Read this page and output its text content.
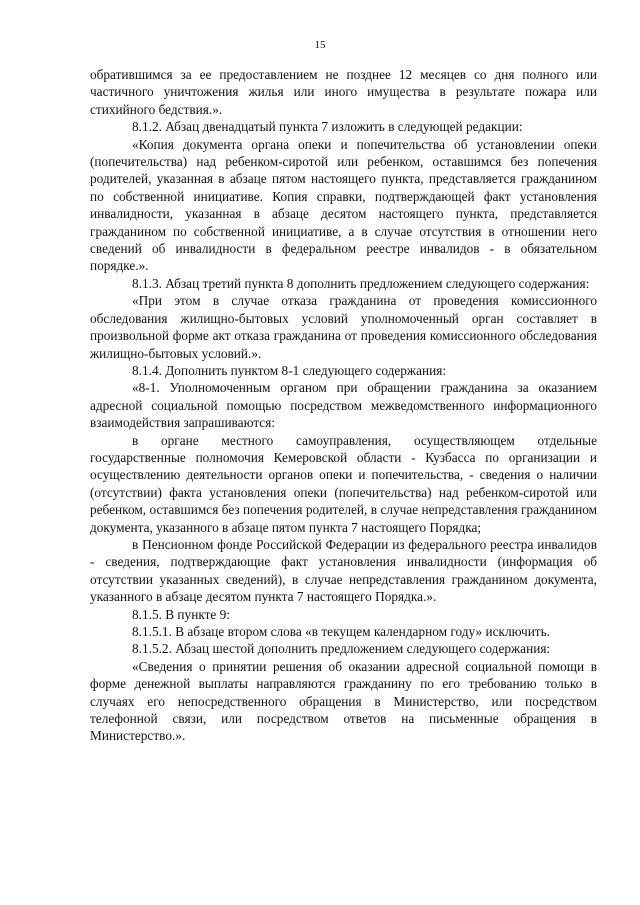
15

обратившимся за ее предоставлением не позднее 12 месяцев со дня полного или частичного уничтожения жилья или иного имущества в результате пожара или стихийного бедствия.».

8.1.2. Абзац двенадцатый пункта 7 изложить в следующей редакции:

«Копия документа органа опеки и попечительства об установлении опеки (попечительства) над ребенком-сиротой или ребенком, оставшимся без попечения родителей, указанная в абзаце пятом настоящего пункта, представляется гражданином по собственной инициативе. Копия справки, подтверждающей факт установления инвалидности, указанная в абзаце десятом настоящего пункта, представляется гражданином по собственной инициативе, а в случае отсутствия в отношении него сведений об инвалидности в федеральном реестре инвалидов - в обязательном порядке.».

8.1.3. Абзац третий пункта 8 дополнить предложением следующего содержания:

«При этом в случае отказа гражданина от проведения комиссионного обследования жилищно-бытовых условий уполномоченный орган составляет в произвольной форме акт отказа гражданина от проведения комиссионного обследования жилищно-бытовых условий.».

8.1.4. Дополнить пунктом 8-1 следующего содержания:

«8-1. Уполномоченным органом при обращении гражданина за оказанием адресной социальной помощью посредством межведомственного информационного взаимодействия запрашиваются:

в органе местного самоуправления, осуществляющем отдельные государственные полномочия Кемеровской области - Кузбасса по организации и осуществлению деятельности органов опеки и попечительства, - сведения о наличии (отсутствии) факта установления опеки (попечительства) над ребенком-сиротой или ребенком, оставшимся без попечения родителей, в случае непредставления гражданином документа, указанного в абзаце пятом пункта 7 настоящего Порядка;

в Пенсионном фонде Российской Федерации из федерального реестра инвалидов - сведения, подтверждающие факт установления инвалидности (информация об отсутствии указанных сведений), в случае непредставления гражданином документа, указанного в абзаце десятом пункта 7 настоящего Порядка.».

8.1.5. В пункте 9:

8.1.5.1. В абзаце втором слова «в текущем календарном году» исключить.

8.1.5.2. Абзац шестой дополнить предложением следующего содержания:

«Сведения о принятии решения об оказании адресной социальной помощи в форме денежной выплаты направляются гражданину по его требованию только в случаях его непосредственного обращения в Министерство, или посредством телефонной связи, или посредством ответов на письменные обращения в Министерство.».
